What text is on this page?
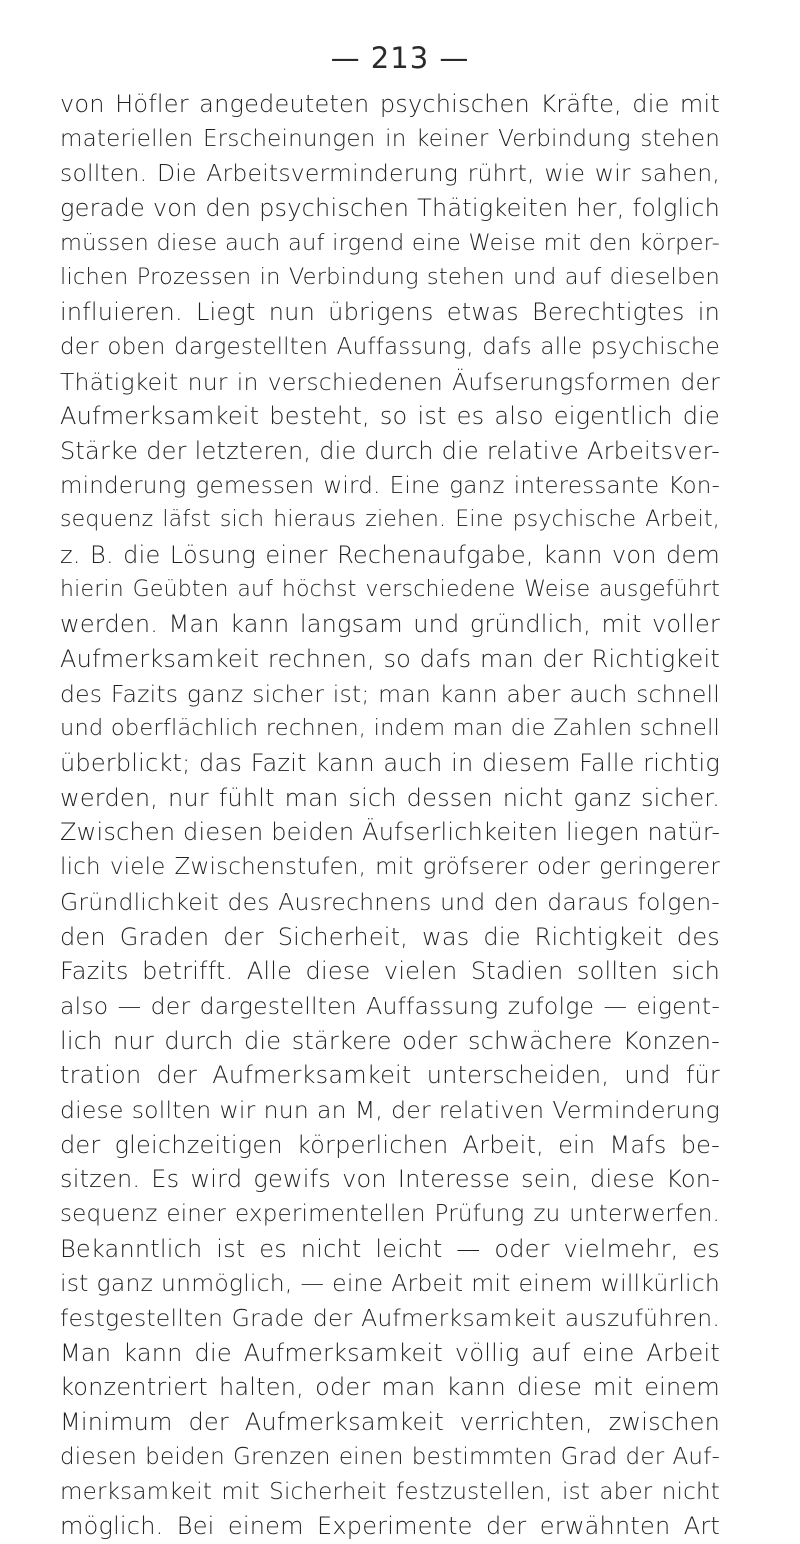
— 213 —
von Höfler angedeuteten psychischen Kräfte, die mit
materiellen Erscheinungen in keiner Verbindung stehen
sollten. Die Arbeitsverminderung rührt, wie wir sahen,
gerade von den psychischen Thätigkeiten her, folglich
müssen diese auch auf irgend eine Weise mit den körper-
lichen Prozessen in Verbindung stehen und auf dieselben
influieren. Liegt nun übrigens etwas Berechtigtes in
der oben dargestellten Auffassung, dafs alle psychische
Thätigkeit nur in verschiedenen Äufserungsformen der
Aufmerksamkeit besteht, so ist es also eigentlich die
Stärke der letzteren, die durch die relative Arbeitsver-
minderung gemessen wird. Eine ganz interessante Kon-
sequenz läfst sich hieraus ziehen. Eine psychische Arbeit,
z. B. die Lösung einer Rechenaufgabe, kann von dem
hierin Geübten auf höchst verschiedene Weise ausgeführt
werden. Man kann langsam und gründlich, mit voller
Aufmerksamkeit rechnen, so dafs man der Richtigkeit
des Fazits ganz sicher ist; man kann aber auch schnell
und oberflächlich rechnen, indem man die Zahlen schnell
überblickt; das Fazit kann auch in diesem Falle richtig
werden, nur fühlt man sich dessen nicht ganz sicher.
Zwischen diesen beiden Äufserlichkeiten liegen natür-
lich viele Zwischenstufen, mit gröfserer oder geringerer
Gründlichkeit des Ausrechnens und den daraus folgen-
den Graden der Sicherheit, was die Richtigkeit des
Fazits betrifft. Alle diese vielen Stadien sollten sich
also — der dargestellten Auffassung zufolge — eigent-
lich nur durch die stärkere oder schwächere Konzen-
tration der Aufmerksamkeit unterscheiden, und für
diese sollten wir nun an M, der relativen Verminderung
der gleichzeitigen körperlichen Arbeit, ein Mafs be-
sitzen. Es wird gewifs von Interesse sein, diese Kon-
sequenz einer experimentellen Prüfung zu unterwerfen.
Bekanntlich ist es nicht leicht — oder vielmehr, es
ist ganz unmöglich, — eine Arbeit mit einem willkürlich
festgestellten Grade der Aufmerksamkeit auszuführen.
Man kann die Aufmerksamkeit völlig auf eine Arbeit
konzentriert halten, oder man kann diese mit einem
Minimum der Aufmerksamkeit verrichten, zwischen
diesen beiden Grenzen einen bestimmten Grad der Auf-
merksamkeit mit Sicherheit festzustellen, ist aber nicht
möglich. Bei einem Experimente der erwähnten Art
